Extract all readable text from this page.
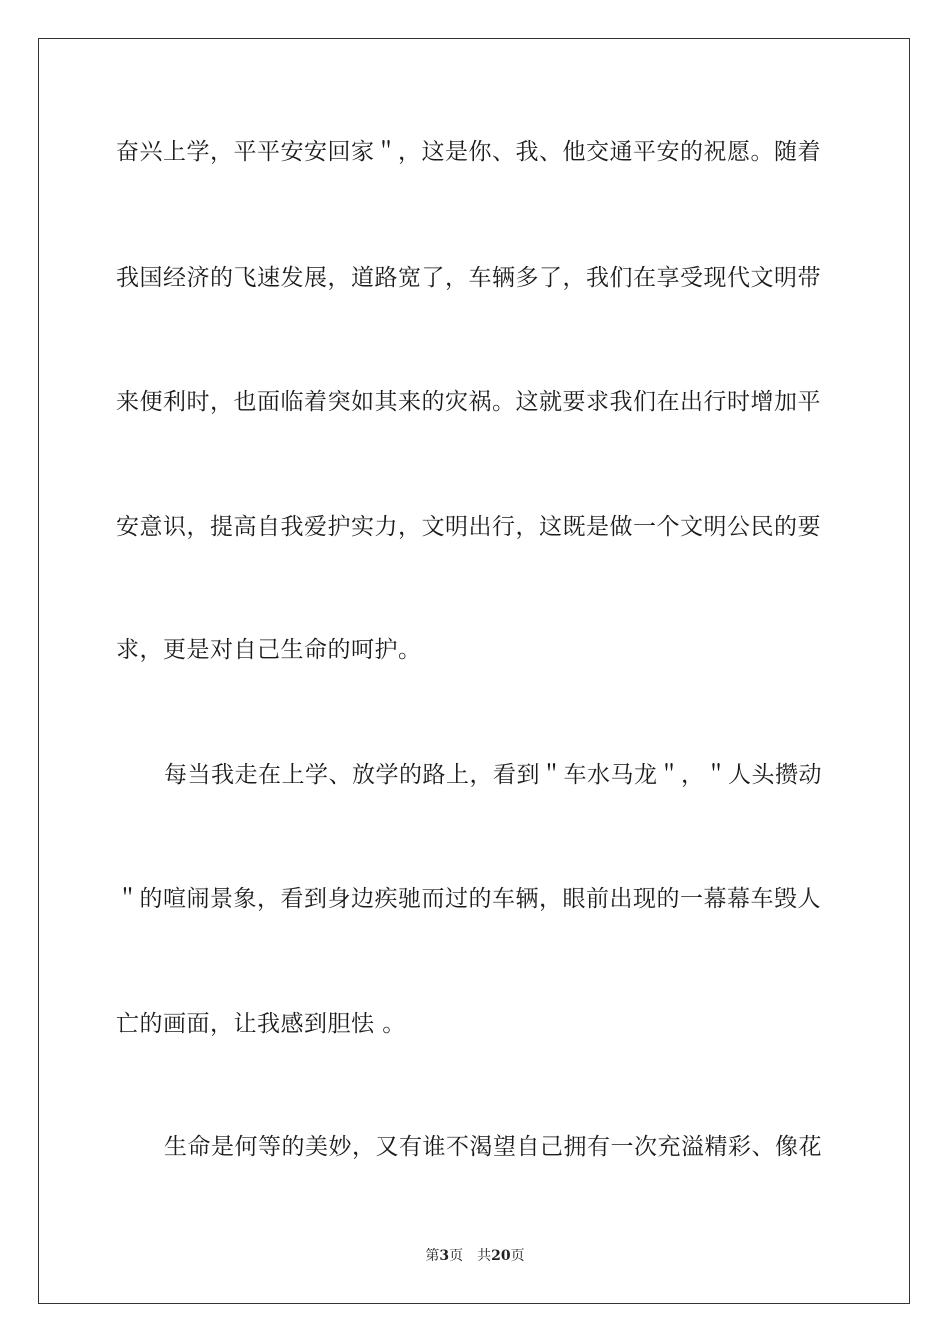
奋兴上学，平平安安回家＂，这是你、我、他交通平安的祝愿。随着
我国经济的飞速发展，道路宽了，车辆多了，我们在享受现代文明带
来便利时，也面临着突如其来的灾祸。这就要求我们在出行时增加平
安意识，提高自我爱护实力，文明出行，这既是做一个文明公民的要
求，更是对自己生命的呵护。
每当我走在上学、放学的路上，看到＂车水马龙＂，＂人头攒动
＂的喧闹景象，看到身边疾驰而过的车辆，眼前出现的一幕幕车毁人
亡的画面，让我感到胆怯 。
生命是何等的美妙，又有谁不渴望自己拥有一次充溢精彩、像花
第3页 共20页
